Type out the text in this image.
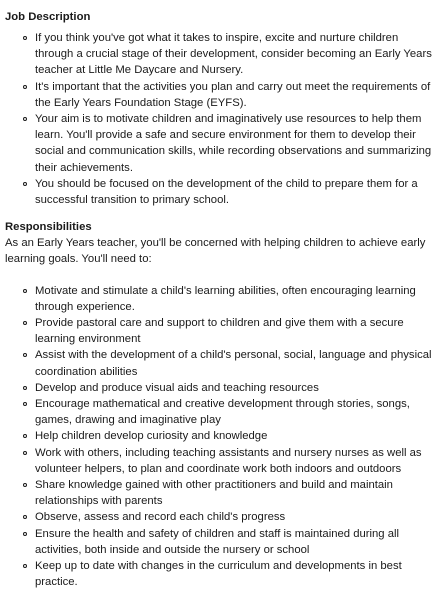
Job Description
If you think you've got what it takes to inspire, excite and nurture children through a crucial stage of their development, consider becoming an Early Years teacher at Little Me Daycare and Nursery.
It's important that the activities you plan and carry out meet the requirements of the Early Years Foundation Stage (EYFS).
Your aim is to motivate children and imaginatively use resources to help them learn. You'll provide a safe and secure environment for them to develop their social and communication skills, while recording observations and summarizing their achievements.
You should be focused on the development of the child to prepare them for a successful transition to primary school.
Responsibilities

As an Early Years teacher, you'll be concerned with helping children to achieve early learning goals. You'll need to:

Motivate and stimulate a child's learning abilities, often encouraging learning through experience.
Provide pastoral care and support to children and give them with a secure learning environment
Assist with the development of a child's personal, social, language and physical coordination abilities
Develop and produce visual aids and teaching resources
Encourage mathematical and creative development through stories, songs, games, drawing and imaginative play
Help children develop curiosity and knowledge
Work with others, including teaching assistants and nursery nurses as well as volunteer helpers, to plan and coordinate work both indoors and outdoors
Share knowledge gained with other practitioners and build and maintain relationships with parents
Observe, assess and record each child's progress
Ensure the health and safety of children and staff is maintained during all activities, both inside and outside the nursery or school
Keep up to date with changes in the curriculum and developments in best practice.
